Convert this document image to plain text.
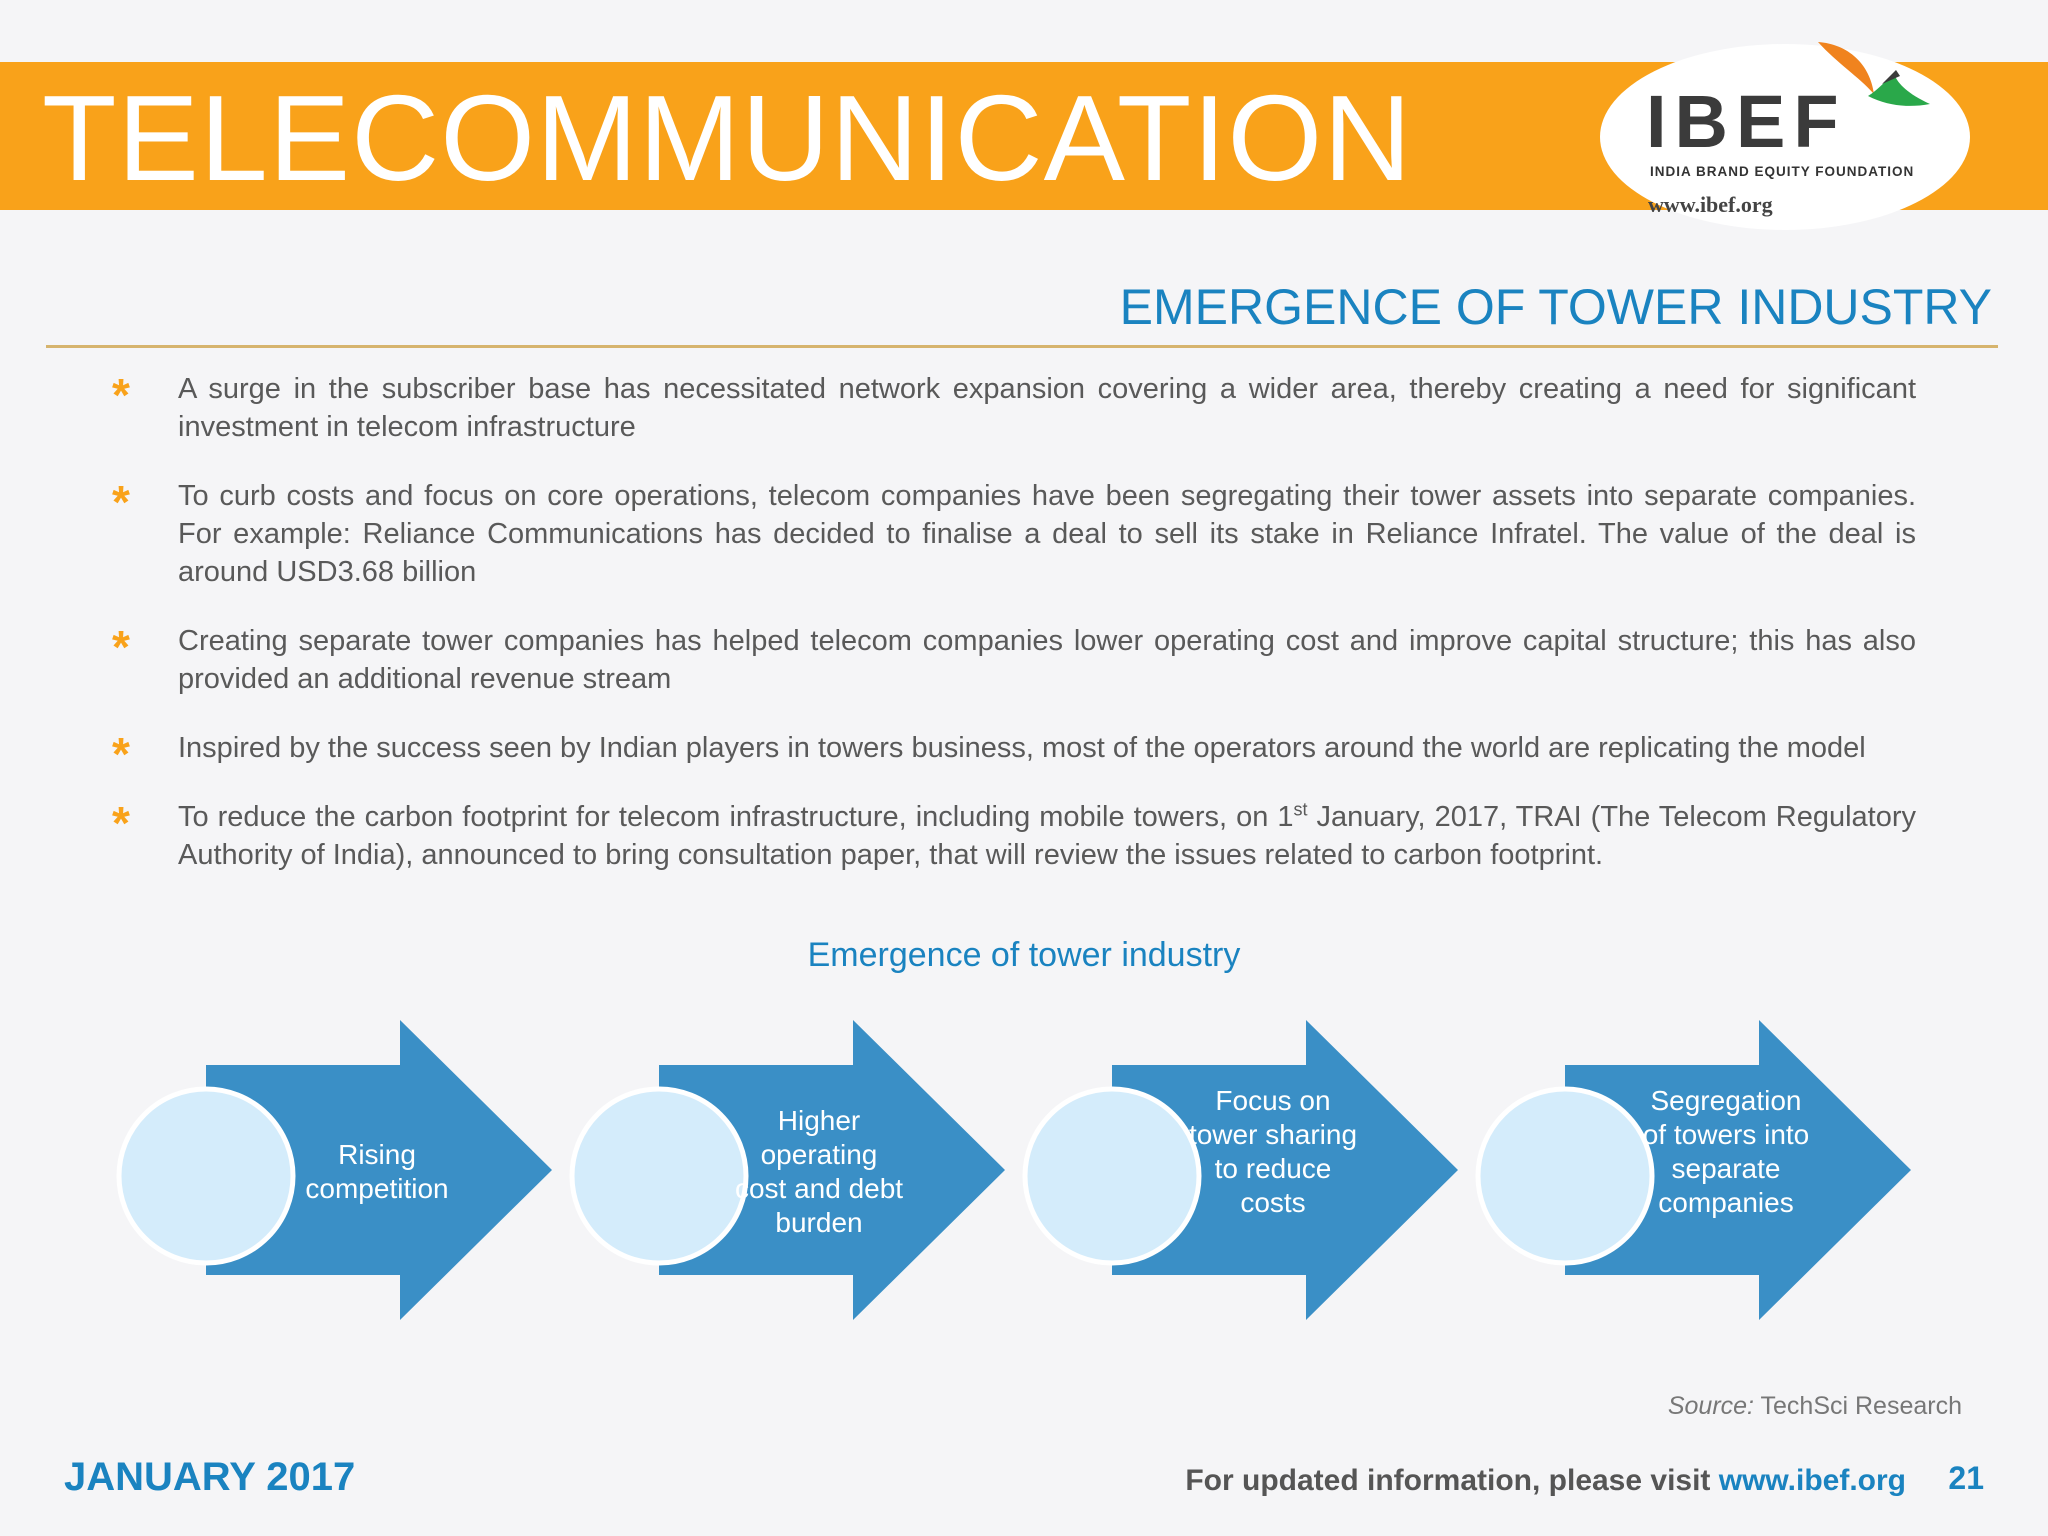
TELECOMMUNICATION	IBEF
INDIA BRAND EQUITY FOUNDATION
www.ibef.org
EMERGENCE OF TOWER INDUSTRY
* A surge in the subscriber base has necessitated network expansion covering a wider area, thereby creating a need for significant investment in telecom infrastructure
* To curb costs and focus on core operations, telecom companies have been segregating their tower assets into separate companies. For example: Reliance Communications has decided to finalise a deal to sell its stake in Reliance Infratel. The value of the deal is around USD3.68 billion
* Creating separate tower companies has helped telecom companies lower operating cost and improve capital structure; this has also provided an additional revenue stream
* Inspired by the success seen by Indian players in towers business, most of the operators around the world are replicating the model
* To reduce the carbon footprint for telecom infrastructure, including mobile towers, on 1st January, 2017, TRAI (The Telecom Regulatory Authority of India), announced to bring consultation paper, that will review the issues related to carbon footprint.
Emergence of tower industry
Rising competition
Higher operating cost and debt burden
Focus on tower sharing to reduce costs
Segregation of towers into separate companies
Source: TechSci Research
JANUARY 2017	For updated information, please visit www.ibef.org 21
